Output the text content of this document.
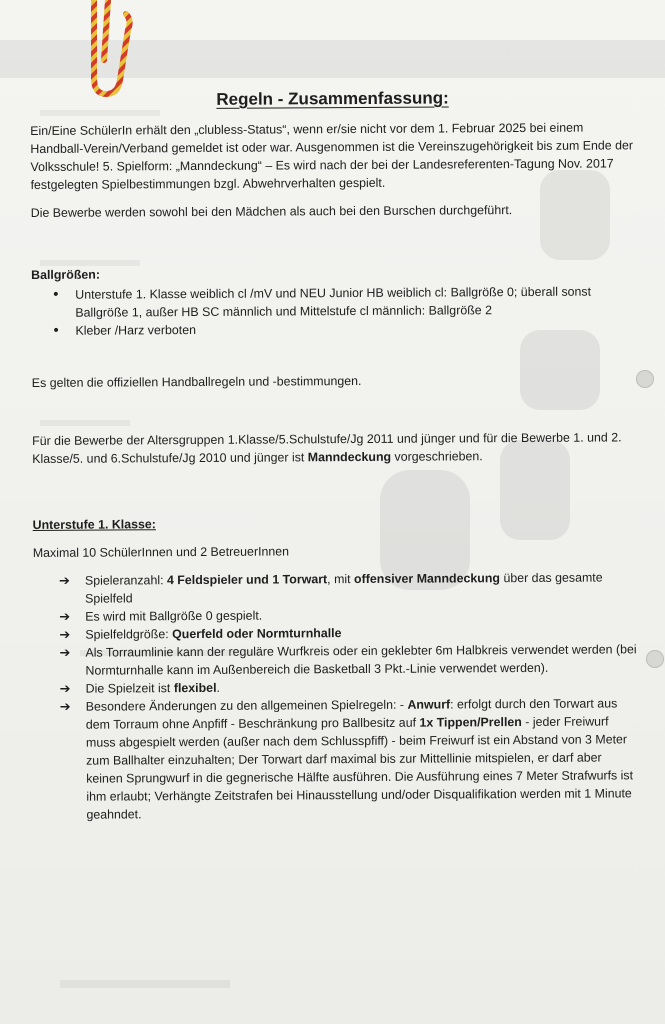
Regeln - Zusammenfassung:

Ein/Eine SchülerIn erhält den „clubless-Status“, wenn er/sie nicht vor dem 1. Februar 2025 bei einem Handball-Verein/Verband gemeldet ist oder war. Ausgenommen ist die Vereinszugehörigkeit bis zum Ende der Volksschule! 5. Spielform: „Manndeckung“ – Es wird nach der bei der Landesreferenten-Tagung Nov. 2017 festgelegten Spielbestimmungen bzgl. Abwehrverhalten gespielt.

Die Bewerbe werden sowohl bei den Mädchen als auch bei den Burschen durchgeführt.

Ballgrößen:

• Unterstufe 1. Klasse weiblich cl /mV und NEU Junior HB weiblich cl: Ballgröße 0; überall sonst Ballgröße 1, außer HB SC männlich und Mittelstufe cl männlich: Ballgröße 2
• Kleber /Harz verboten

Es gelten die offiziellen Handballregeln und -bestimmungen.

Für die Bewerbe der Altersgruppen 1.Klasse/5.Schulstufe/Jg 2011 und jünger und für die Bewerbe 1. und 2. Klasse/5. und 6.Schulstufe/Jg 2010 und jünger ist Manndeckung vorgeschrieben.

Unterstufe 1. Klasse:

Maximal 10 SchülerInnen und 2 BetreuerInnen

➔ Spieleranzahl: 4 Feldspieler und 1 Torwart, mit offensiver Manndeckung über das gesamte Spielfeld
➔ Es wird mit Ballgröße 0 gespielt.
➔ Spielfeldgröße: Querfeld oder Normturnhalle
➔ Als Torraumlinie kann der reguläre Wurfkreis oder ein geklebter 6m Halbkreis verwendet werden (bei Normturnhalle kann im Außenbereich die Basketball 3 Pkt.-Linie verwendet werden).
➔ Die Spielzeit ist flexibel.
➔ Besondere Änderungen zu den allgemeinen Spielregeln: - Anwurf: erfolgt durch den Torwart aus dem Torraum ohne Anpfiff - Beschränkung pro Ballbesitz auf 1x Tippen/Prellen - jeder Freiwurf muss abgespielt werden (außer nach dem Schlusspfiff) - beim Freiwurf ist ein Abstand von 3 Meter zum Ballhalter einzuhalten; Der Torwart darf maximal bis zur Mittellinie mitspielen, er darf aber keinen Sprungwurf in die gegnerische Hälfte ausführen. Die Ausführung eines 7 Meter Strafwurfs ist ihm erlaubt; Verhängte Zeitstrafen bei Hinausstellung und/oder Disqualifikation werden mit 1 Minute geahndet.
